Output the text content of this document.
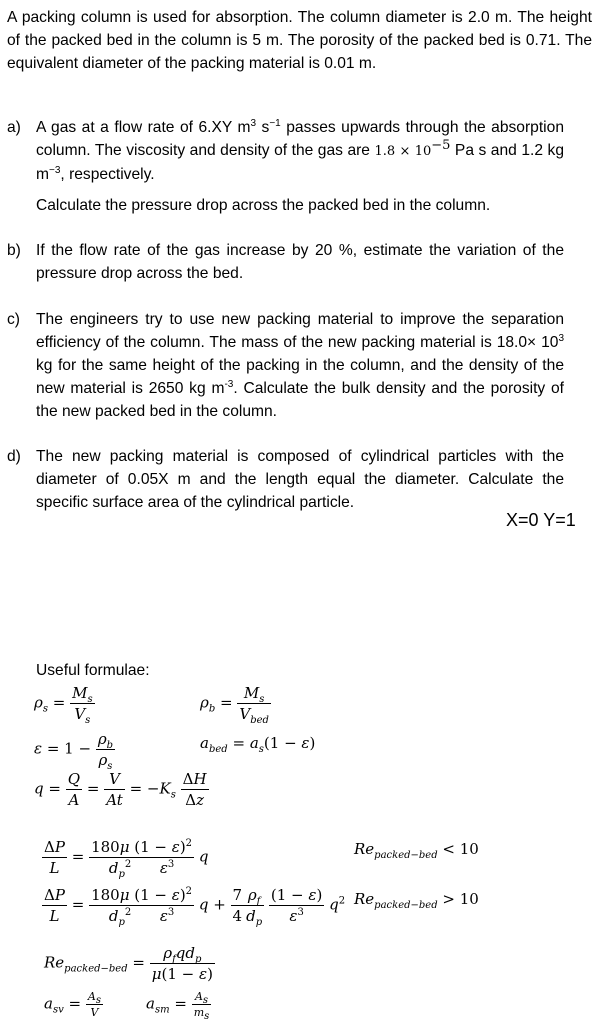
A packing column is used for absorption. The column diameter is 2.0 m. The height of the packed bed in the column is 5 m. The porosity of the packed bed is 0.71. The equivalent diameter of the packing material is 0.01 m.

a) A gas at a flow rate of 6.XY $m^3$ $s^{-1}$ passes upwards through the absorption column. The viscosity and density of the gas are $1.8 \times 10^{-5}$ Pa s and 1.2 kg $m^{-3}$, respectively.
Calculate the pressure drop across the packed bed in the column.
b) If the flow rate of the gas increase by 20 %, estimate the variation of the pressure drop across the bed.
c) The engineers try to use new packing material to improve the separation efficiency of the column. The mass of the new packing material is $18.0\times 10^3$ kg for the same height of the packing in the column, and the density of the new material is 2650 kg $m^{-3}$. Calculate the bulk density and the porosity of the new packed bed in the column.
d) The new packing material is composed of cylindrical particles with the diameter of 0.05X m and the length equal the diameter. Calculate the specific surface area of the cylindrical particle.
X=0 Y=1
Useful formulae:
$\rho_s = \frac{M_s}{V_s}$	$\rho_b = \frac{M_s}{V_{bed}}$
$\varepsilon = 1 - \frac{\rho_b}{\rho_s}$	$a_{bed} = a_s(1 - \varepsilon)$
$q = \frac{Q}{A} = \frac{V}{At} = -K_s \frac{\Delta H}{\Delta z}$
$\frac{\Delta P}{L} = \frac{180\mu (1 - \varepsilon)^2}{d_p^2 \varepsilon^3}$ q	$Re_{packed-bed} < 10$
$\frac{\Delta P}{L} = \frac{180\mu (1 - \varepsilon)^2}{d_p^2 \varepsilon^3}$ $q + \frac{7}{4} \frac{\rho_f}{d_p}$
$\frac{(1 - \varepsilon)}{\varepsilon^3} q^2$ $Re_{packed-bed} > 10$
$Re_{packed-bed} = \frac{\rho_fqd_p}{\mu(1 - \varepsilon)}$
$a_{sv} = \frac{A_s}{V}$	$a_{sm} = \frac{A_s}{m_s}$
